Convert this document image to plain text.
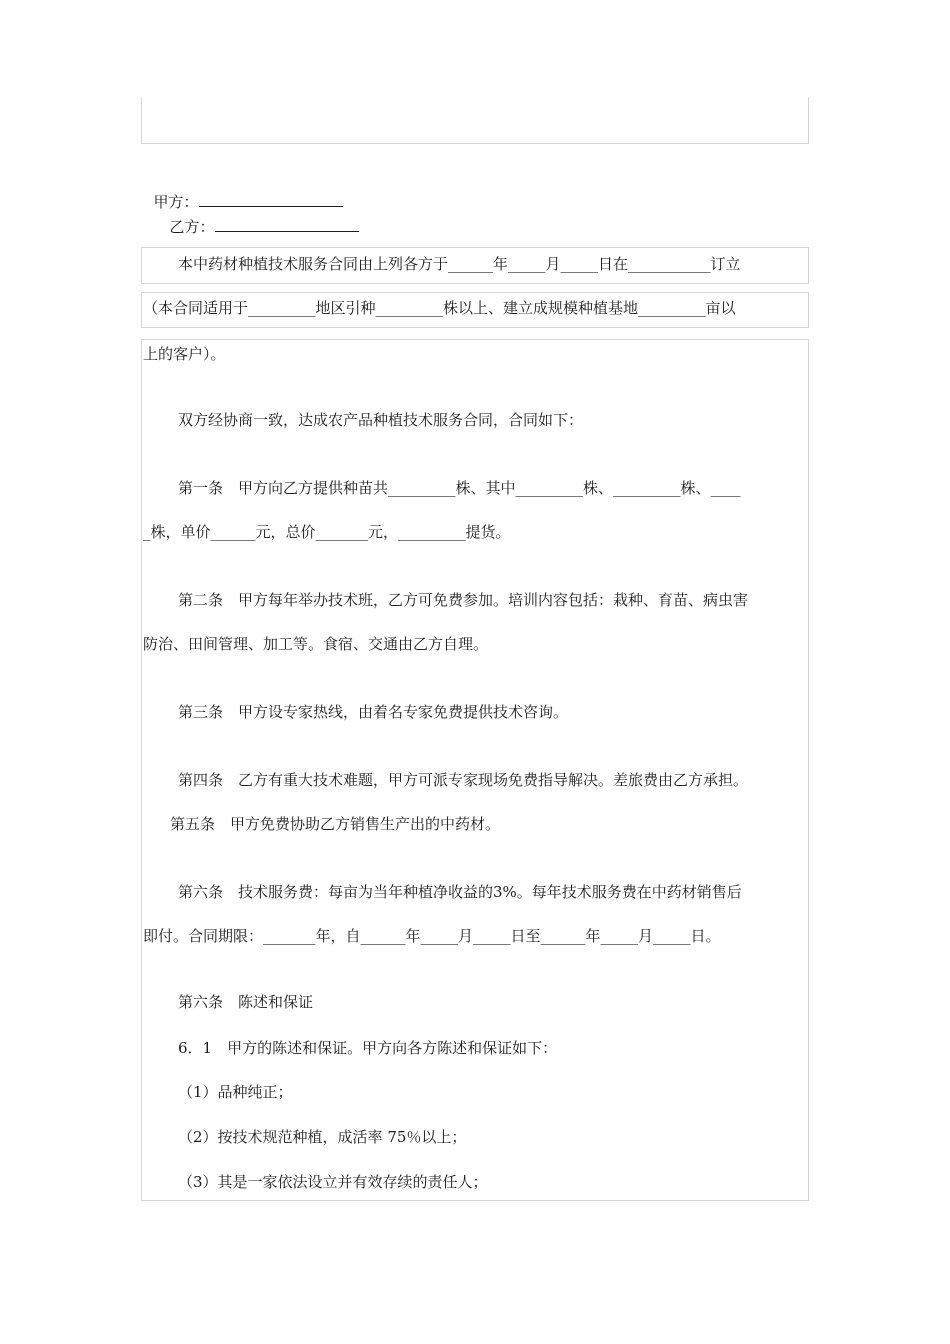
甲方：

乙方：

本中药材种植技术服务合同由上列各方于______年_____月_____日在___________订立
（本合同适用于_________地区引种_________株以上、建立成规模种植基地_________亩以
上的客户）。
双方经协商一致，达成农产品种植技术服务合同，合同如下：
第一条　甲方向乙方提供种苗共_________株、其中_________株、_________株、____
_株，单价______元，总价_______元，_________提货。
第二条　甲方每年举办技术班，乙方可免费参加。培训内容包括：栽种、育苗、病虫害
防治、田间管理、加工等。食宿、交通由乙方自理。
第三条　甲方设专家热线，由着名专家免费提供技术咨询。
第四条　乙方有重大技术难题，甲方可派专家现场免费指导解决。差旅费由乙方承担。
第五条　甲方免费协助乙方销售生产出的中药材。
第六条　技术服务费：每亩为当年种植净收益的3%。每年技术服务费在中药材销售后
即付。合同期限：_______年，自______年_____月_____日至______年_____月_____日。
第六条　陈述和保证
6．1　甲方的陈述和保证。甲方向各方陈述和保证如下：
（1）品种纯正；
（2）按技术规范种植，成活率 75％以上；
（3）其是一家依法设立并有效存续的责任人；
